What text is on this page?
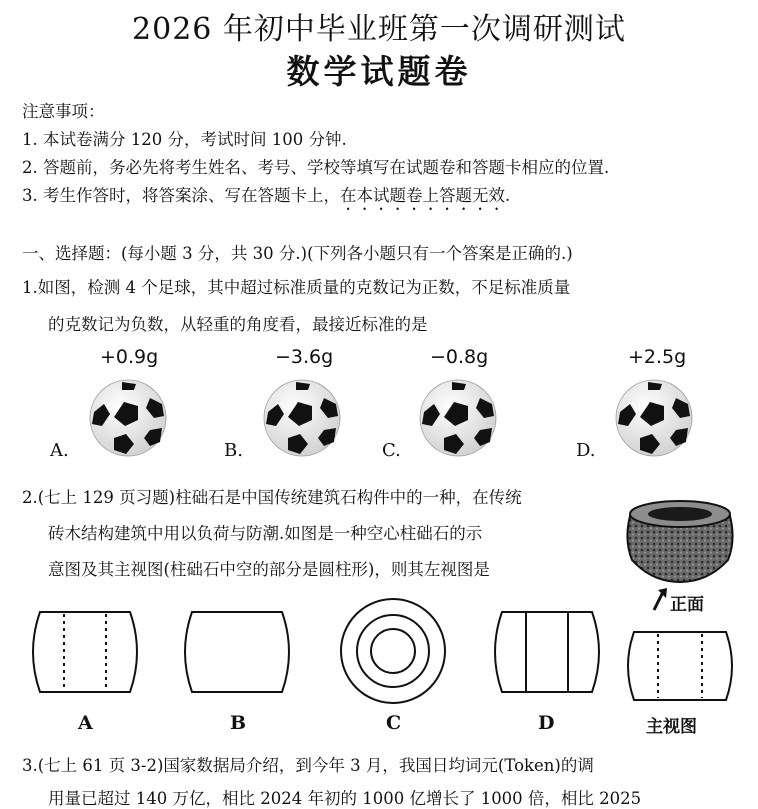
2026 年初中毕业班第一次调研测试
数学试题卷
注意事项：
1. 本试卷满分 120 分，考试时间 100 分钟.
2. 答题前，务必先将考生姓名、考号、学校等填写在试题卷和答题卡相应的位置.
3. 考生作答时，将答案涂、写在答题卡上，在本试题卷上答题无效.
一、选择题：(每小题 3 分，共 30 分.)(下列各小题只有一个答案是正确的.)
1.如图，检测 4 个足球，其中超过标准质量的克数记为正数，不足标准质量
的克数记为负数，从轻重的角度看，最接近标准的是
+0.9g	−3.6g	−0.8g	+2.5g
A.	B.	C.	D.
2.(七上 129 页习题)柱础石是中国传统建筑石构件中的一种，在传统
砖木结构建筑中用以负荷与防潮.如图是一种空心柱础石的示
意图及其主视图(柱础石中空的部分是圆柱形)，则其左视图是
正面
主视图
A	B	C	D
3.(七上 61 页 3-2)国家数据局介绍，到今年 3 月，我国日均词元(Token)的调
用量已超过 140 万亿，相比 2024 年初的 1000 亿增长了 1000 倍，相比 2025
